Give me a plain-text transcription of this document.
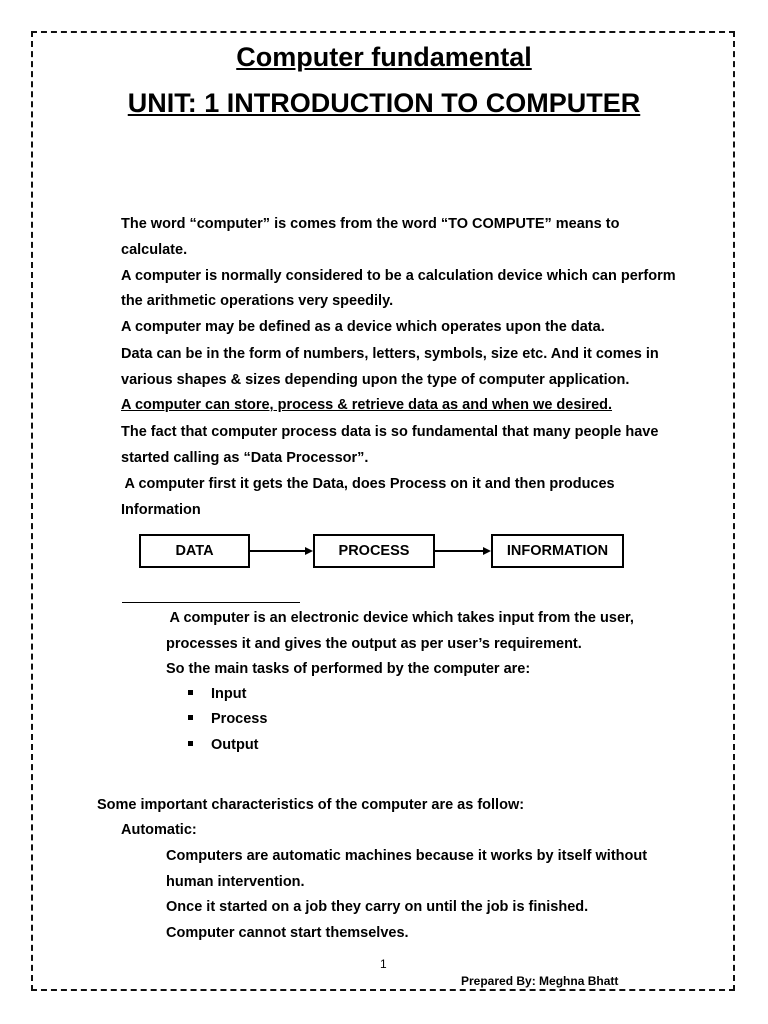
Computer fundamental
UNIT: 1 INTRODUCTION TO COMPUTER
The word “computer” is comes from the word “TO COMPUTE” means to
calculate.
A computer is normally considered to be a calculation device which can perform
the arithmetic operations very speedily.
A computer may be defined as a device which operates upon the data.
Data can be in the form of numbers, letters, symbols, size etc. And it comes in
various shapes & sizes depending upon the type of computer application.
A computer can store, process & retrieve data as and when we desired.
The fact that computer process data is so fundamental that many people have
started calling as “Data Processor”.
A computer first it gets the Data, does Process on it and then produces
Information
DATA	PROCESS	INFORMATION
A computer is an electronic device which takes input from the user,
processes it and gives the output as per user’s requirement.
So the main tasks of performed by the computer are:
Input
Process
Output
Some important characteristics of the computer are as follow:
Automatic:
Computers are automatic machines because it works by itself without
human intervention.
Once it started on a job they carry on until the job is finished.
Computer cannot start themselves.
1
Prepared By: Meghna Bhatt
